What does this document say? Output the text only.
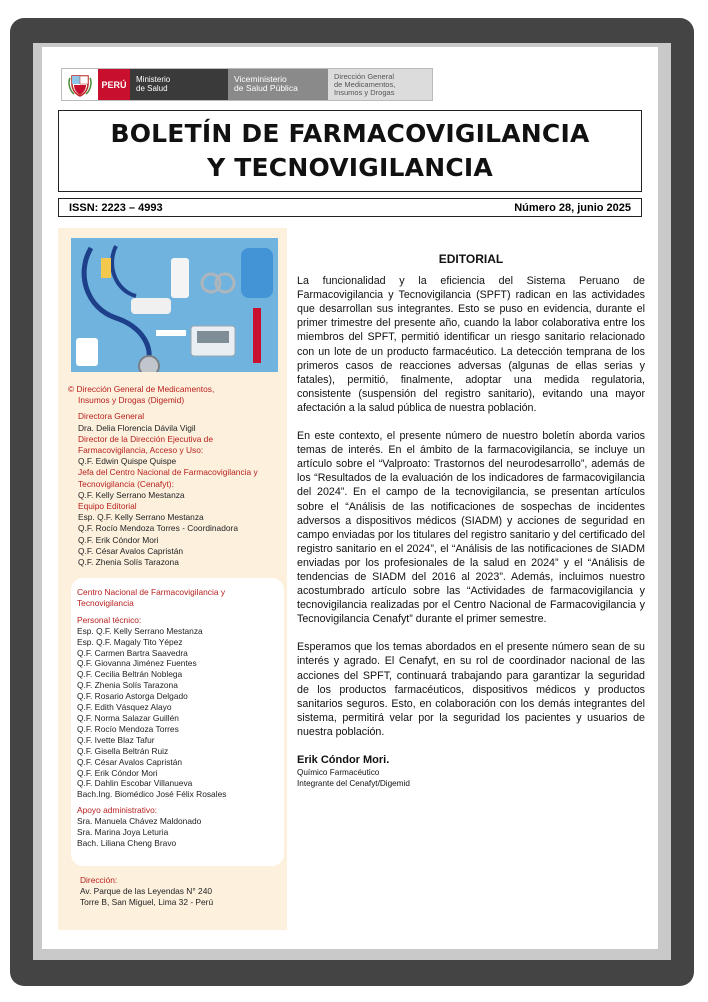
PERÚ	Ministerio
de Salud
Viceministerio
de Salud Pública
Dirección General
de Medicamentos,
Insumos y Drogas
BOLETÍN DE FARMACOVIGILANCIA
Y TECNOVIGILANCIA
ISSN: 2223 – 4993	Número 28, junio 2025
© Dirección General de Medicamentos,
Insumos y Drogas (Digemid)
Directora General
Dra. Delia Florencia Dávila Vigil
Director de la Dirección Ejecutiva de Farmacovigilancia, Acceso y Uso:
Q.F. Edwin Quispe Quispe
Jefa del Centro Nacional de Farmacovigilancia y Tecnovigilancia (Cenafyt):
Q.F. Kelly Serrano Mestanza
Equipo Editorial
Esp. Q.F. Kelly Serrano Mestanza
Q.F. Rocío Mendoza Torres - Coordinadora
Q.F. Erik Cóndor Mori
Q.F. César Avalos Capristán
Q.F. Zhenia Solís Tarazona
Centro Nacional de Farmacovigilancia y Tecnovigilancia
Personal técnico:
Esp. Q.F. Kelly Serrano Mestanza
Esp. Q.F. Magaly Tito Yépez
Q.F. Carmen Bartra Saavedra
Q.F. Giovanna Jiménez Fuentes
Q.F. Cecilia Beltrán Noblega
Q.F. Zhenia Solís Tarazona
Q.F. Rosario Astorga Delgado
Q.F. Edith Vásquez Alayo
Q.F. Norma Salazar Guillén
Q.F. Rocío Mendoza Torres
Q.F. Ivette Blaz Tafur
Q.F. Gisella Beltrán Ruiz
Q.F. César Avalos Capristán
Q.F. Erik Cóndor Mori
Q.F. Dahlin Escobar Villanueva
Bach.Ing. Biomédico José Félix Rosales
Apoyo administrativo:
Sra. Manuela Chávez Maldonado
Sra. Marina Joya Leturia
Bach. Liliana Cheng Bravo
Dirección:
Av. Parque de las Leyendas N° 240
Torre B, San Miguel, Lima 32 - Perú
EDITORIAL

La funcionalidad y la eficiencia del Sistema Peruano de Farmacovigilancia y Tecnovigilancia (SPFT) radican en las actividades que desarrollan sus integrantes. Esto se puso en evidencia, durante el primer trimestre del presente año, cuando la labor colaborativa entre los miembros del SPFT, permitió identificar un riesgo sanitario relacionado con un lote de un producto farmacéutico. La detección temprana de los primeros casos de reacciones adversas (algunas de ellas serias y fatales), permitió, finalmente, adoptar una medida regulatoria, consistente (suspensión del registro sanitario), evitando una mayor afectación a la salud pública de nuestra población.

En este contexto, el presente número de nuestro boletín aborda varios temas de interés. En el ámbito de la farmacovigilancia, se incluye un artículo sobre el “Valproato: Trastornos del neurodesarrollo”, además de los “Resultados de la evaluación de los indicadores de farmacovigilancia del 2024”. En el campo de la tecnovigilancia, se presentan artículos sobre el “Análisis de las notificaciones de sospechas de incidentes adversos a dispositivos médicos (SIADM) y acciones de seguridad en campo enviadas por los titulares del registro sanitario y del certificado del registro sanitario en el 2024”, el “Análisis de las notificaciones de SIADM enviadas por los profesionales de la salud en 2024” y el “Análisis de tendencias de SIADM del 2016 al 2023”. Además, incluimos nuestro acostumbrado artículo sobre las “Actividades de farmacovigilancia y tecnovigilancia realizadas por el Centro Nacional de Farmacovigilancia y Tecnovigilancia Cenafyt” durante el primer semestre.

Esperamos que los temas abordados en el presente número sean de su interés y agrado. El Cenafyt, en su rol de coordinador nacional de las acciones del SPFT, continuará trabajando para garantizar la seguridad de los productos farmacéuticos, dispositivos médicos y productos sanitarios seguros. Esto, en colaboración con los demás integrantes del sistema, permitirá velar por la seguridad los pacientes y usuarios de nuestra población.

Erik Cóndor Mori.
Químico Farmacéutico
Integrante del Cenafyt/Digemid
